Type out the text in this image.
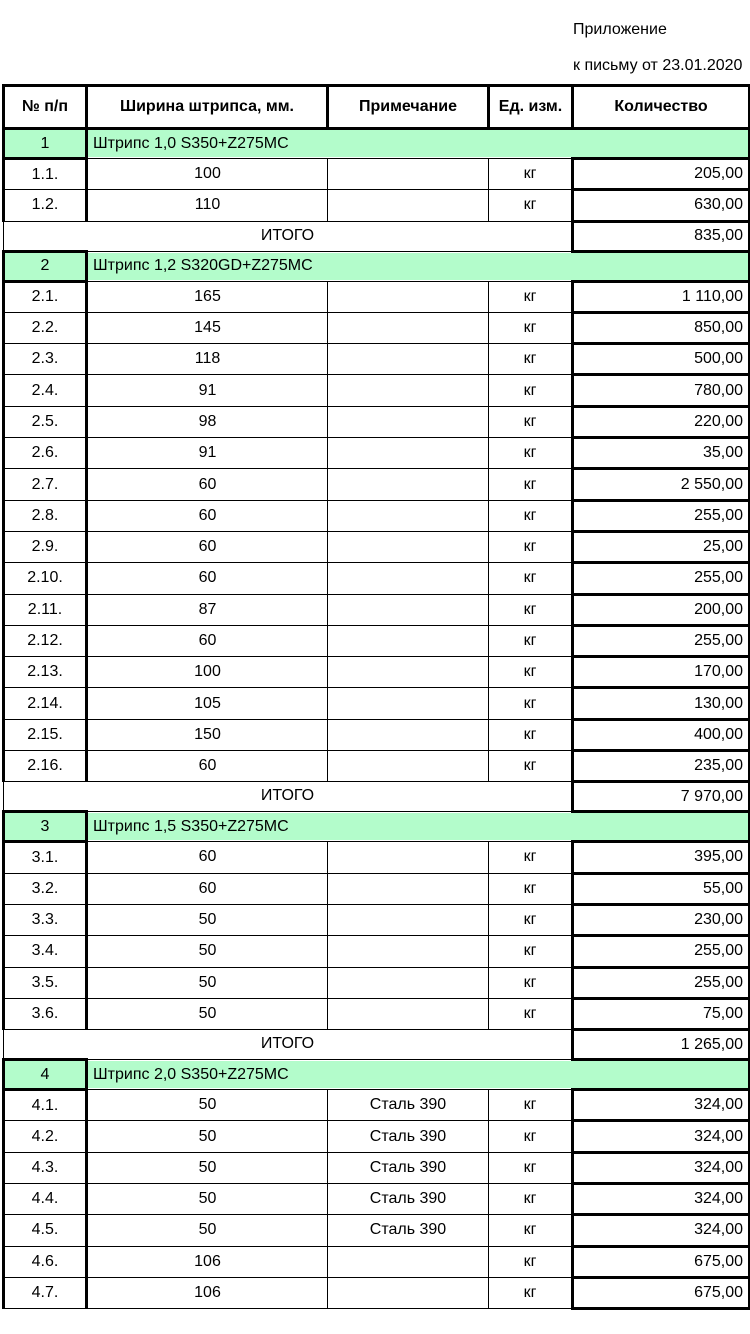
Приложение
к письму от 23.01.2020
№ п/п	Ширина штрипса, мм.	Примечание	Ед. изм.	Количество
1	Штрипс 1,0 S350+Z275MC			
1.1.	100		кг	205,00
1.2.	110		кг	630,00
ИТОГО				835,00
2	Штрипс 1,2 S320GD+Z275MC			
2.1.	165		кг	1 110,00
2.2.	145		кг	850,00
2.3.	118		кг	500,00
2.4.	91		кг	780,00
2.5.	98		кг	220,00
2.6.	91		кг	35,00
2.7.	60		кг	2 550,00
2.8.	60		кг	255,00
2.9.	60		кг	25,00
2.10.	60		кг	255,00
2.11.	87		кг	200,00
2.12.	60		кг	255,00
2.13.	100		кг	170,00
2.14.	105		кг	130,00
2.15.	150		кг	400,00
2.16.	60		кг	235,00
ИТОГО				7 970,00
3	Штрипс 1,5 S350+Z275MC			
3.1.	60		кг	395,00
3.2.	60		кг	55,00
3.3.	50		кг	230,00
3.4.	50		кг	255,00
3.5.	50		кг	255,00
3.6.	50		кг	75,00
ИТОГО				1 265,00
4	Штрипс 2,0 S350+Z275MC			
4.1.	50	Сталь 390	кг	324,00
4.2.	50	Сталь 390	кг	324,00
4.3.	50	Сталь 390	кг	324,00
4.4.	50	Сталь 390	кг	324,00
4.5.	50	Сталь 390	кг	324,00
4.6.	106		кг	675,00
4.7.	106		кг	675,00
